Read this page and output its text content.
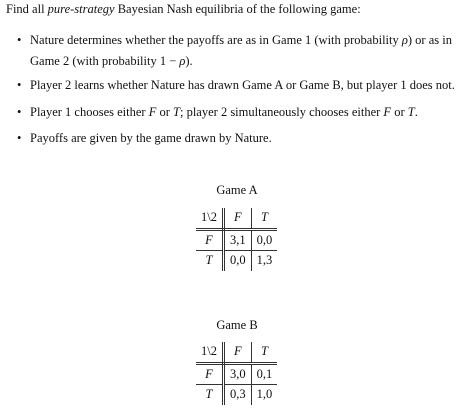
Find all pure-strategy Bayesian Nash equilibria of the following game:
• Nature determines whether the payoffs are as in Game 1 (with probability ρ) or as in Game 2 (with probability 1 − ρ).
• Player 2 learns whether Nature has drawn Game A or Game B, but player 1 does not.
• Player 1 chooses either F or T; player 2 simultaneously chooses either F or T.
• Payoffs are given by the game drawn by Nature.
Game A
1\2	F	T
F	3,1	0,0
T	0,0	1,3
Game B
1\2	F	T
F	3,0	0,1
T	0,3	1,0
